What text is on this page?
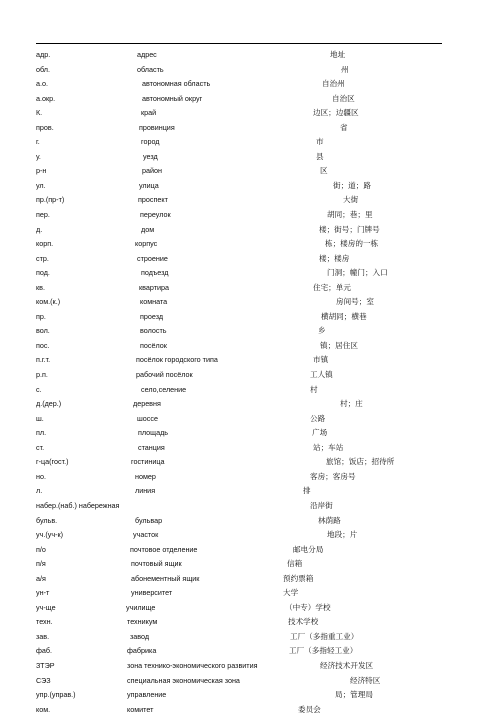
адр.	адрес	地址
обл.	область	州
а.о.	автономная область	自治州
а.окр.	автономный округ	自治区
К.	край	边区；边疆区
пров.	провинция	省
г.	город	市
у.	уезд	县
р-н	район	区
ул.	улица	街；道；路
пр.(пр-т)	проспект	大街
пер.	переулок	胡同；巷；里
д.	дом	楼；街号；门牌号
корп.	корпус	栋；楼房的一栋
стр.	строение	楼；楼房
под.	подъезд	门洞；幢门；入口
кв.	квартира	住宅；单元
ком.(к.)	комната	房间号；室
пр.	проезд	横胡同；横巷
вол.	волость	乡
пос.	посёлок	镇；居住区
п.г.т.	посёлок городского типа	市镇
р.п.	рабочий посёлок	工人镇
с.	село,селение	村
д.(дер.)	деревня	村；庄
ш.	шоссе	公路
пл.	площадь	广场
ст.	станция	站；车站
г-ца(гост.)	гостиница	旅馆；饭店；招待所
но.	номер	客房；客房号
л.	линия	排
набер.(наб.) набережная	沿岸街
бульв.	бульвар	林荫路
уч.(уч-к)	участок	地段；片
п/о	почтовое отделение	邮电分局
п/я	почтовый ящик	信箱
а/я	абонементный ящик	预约票箱
ун-т	университет	大学
уч-ще	училище	（中专）学校
техн.	техникум	技术学校
зав.	завод	工厂（多指重工业）
фаб.	фабрика	工厂（多指轻工业）
ЗТЭР	зона технико-экономического развития	经济技术开发区
СЭЗ	специальная экономическая зона	经济特区
упр.(управ.)	управление	局；管理局
ком.	комитет	委员会
